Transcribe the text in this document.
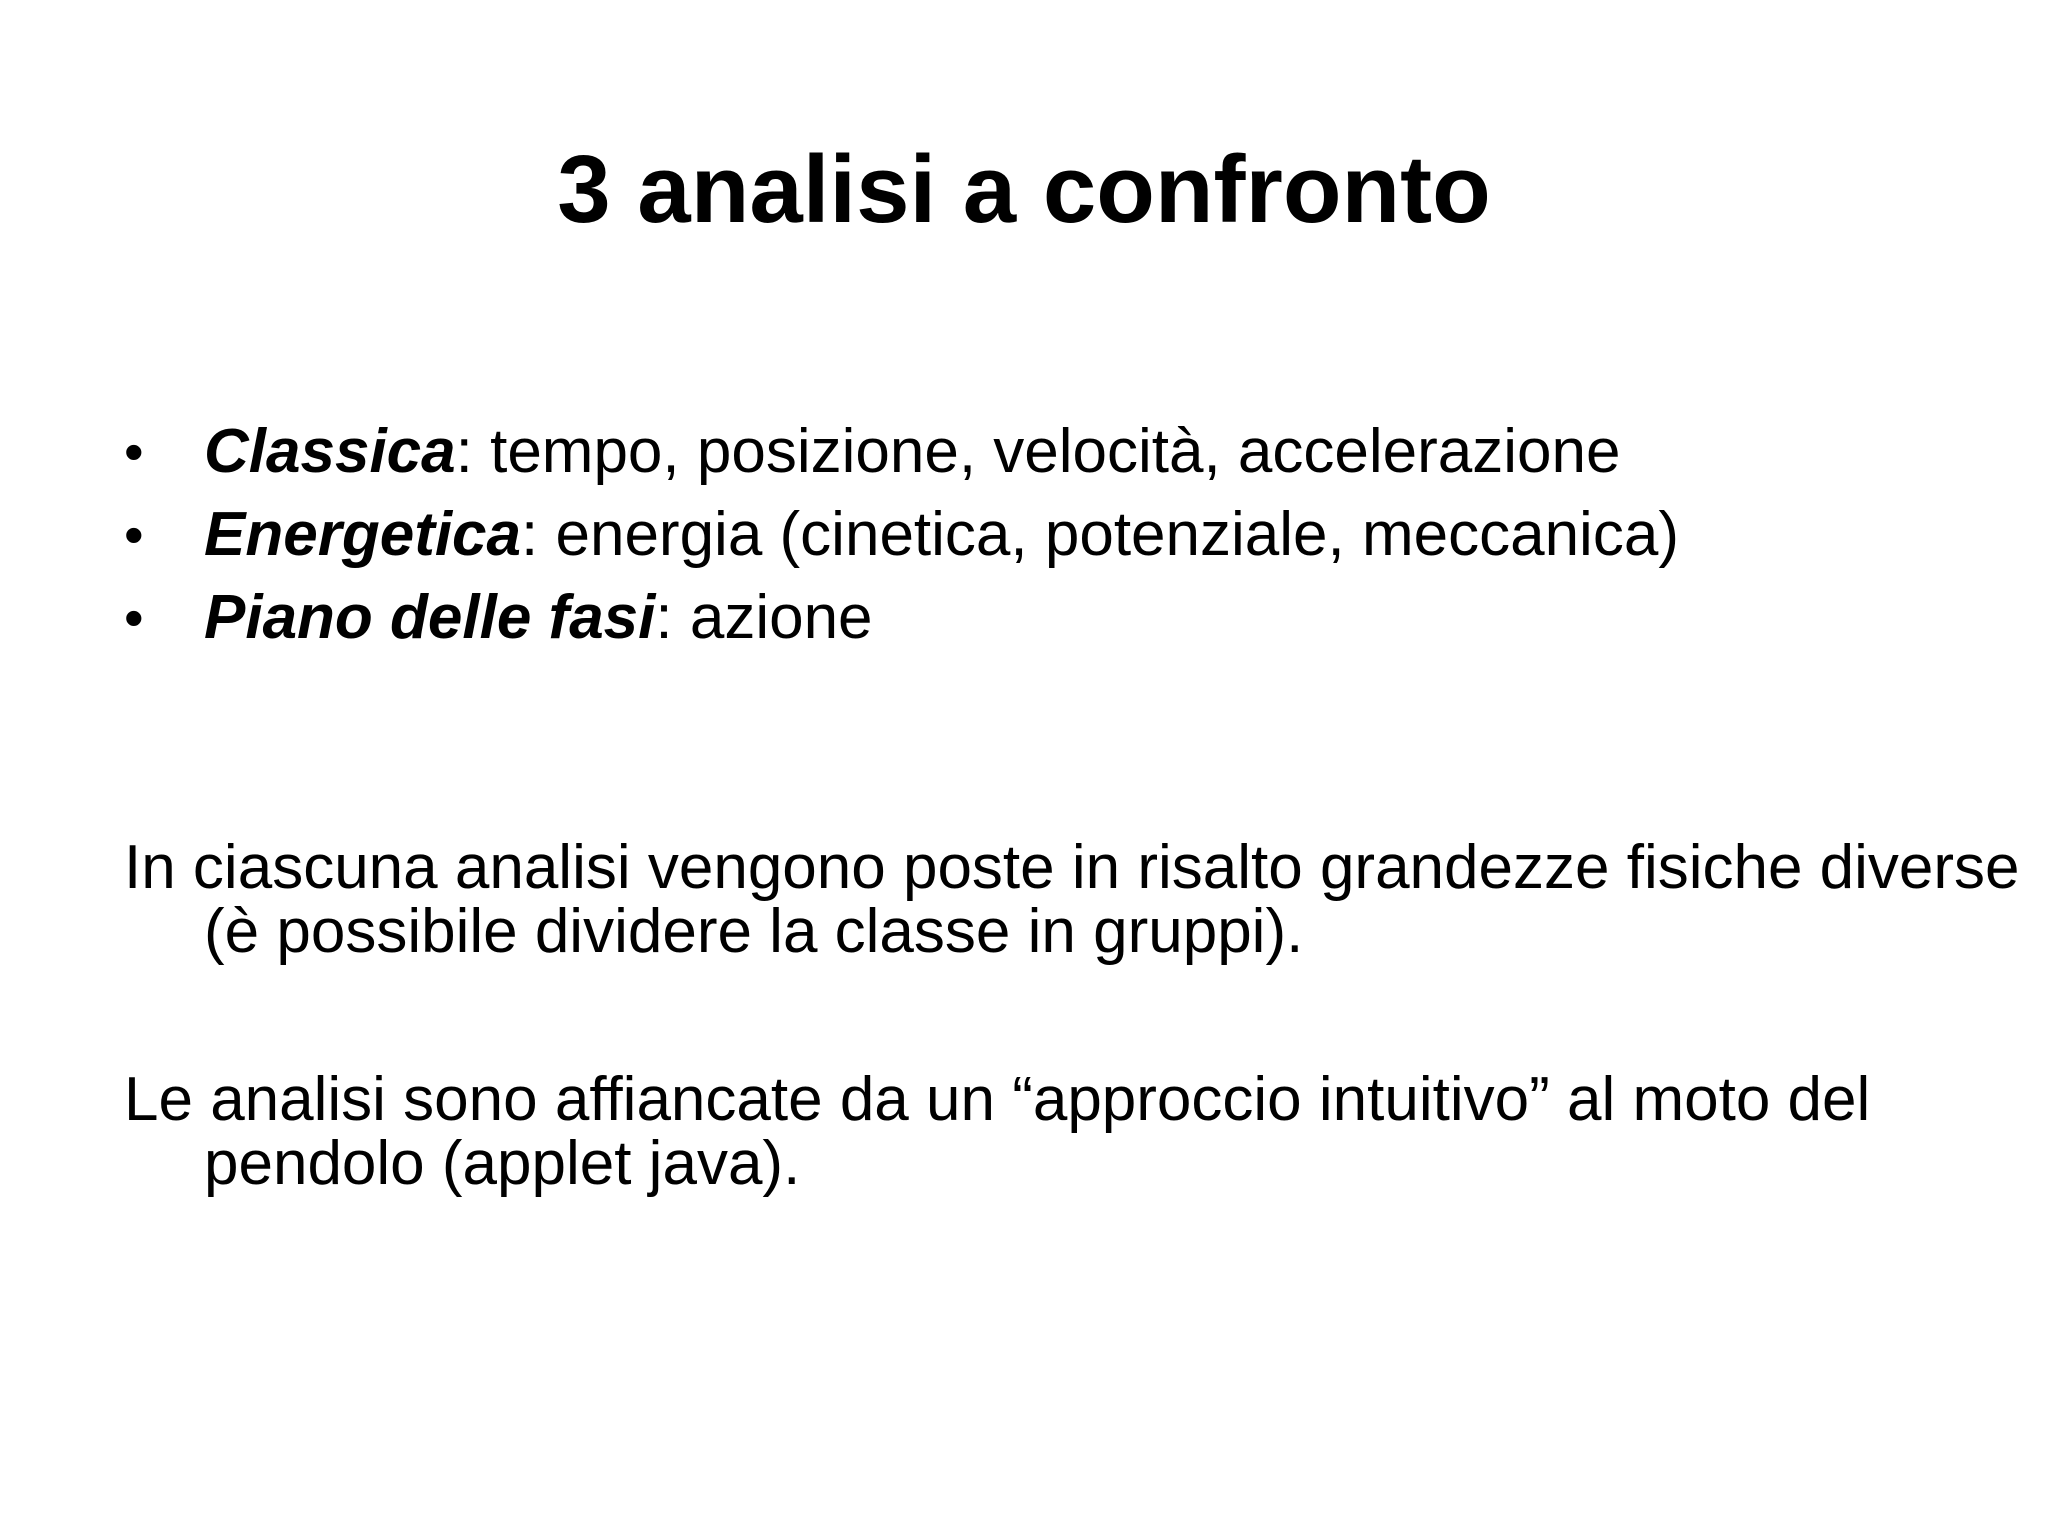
3 analisi a confronto
• Classica: tempo, posizione, velocità, accelerazione
• Energetica: energia (cinetica, potenziale, meccanica)
• Piano delle fasi: azione

In ciascuna analisi vengono poste in risalto grandezze fisiche diverse (è possibile dividere la classe in gruppi).

Le analisi sono affiancate da un “approccio intuitivo” al moto del pendolo (applet java).
